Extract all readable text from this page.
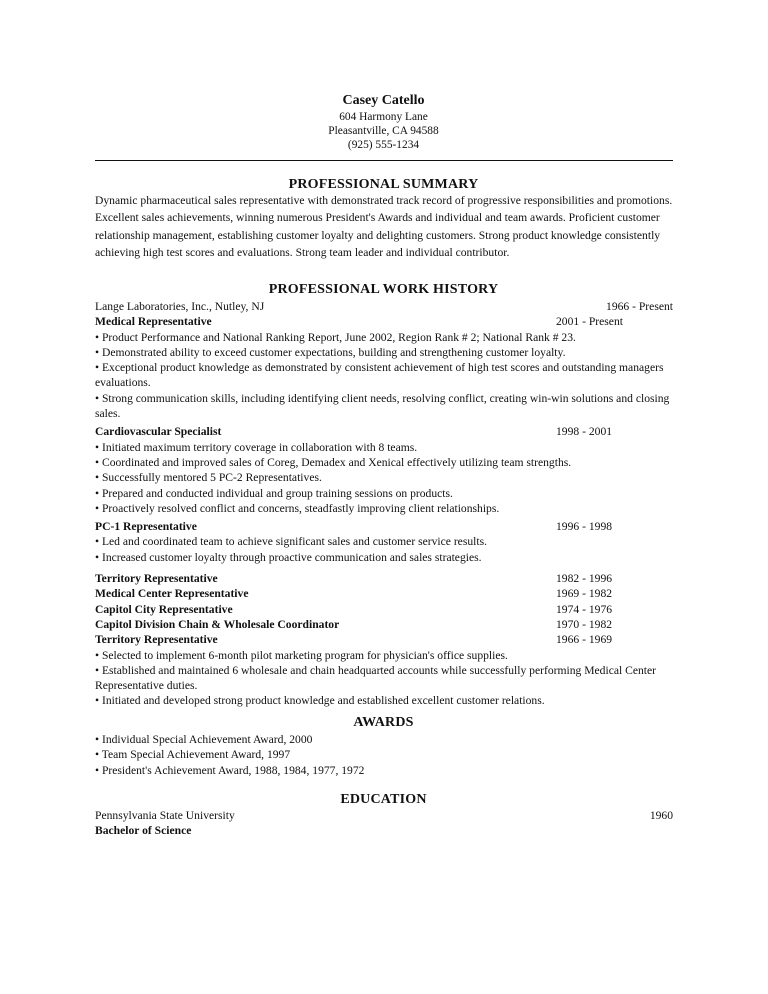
Casey Catello
604 Harmony Lane
Pleasantville, CA 94588
(925) 555-1234
PROFESSIONAL SUMMARY
Dynamic pharmaceutical sales representative with demonstrated track record of progressive responsibilities and promotions. Excellent sales achievements, winning numerous President's Awards and individual and team awards. Proficient customer relationship management, establishing customer loyalty and delighting customers. Strong product knowledge consistently achieving high test scores and evaluations. Strong team leader and individual contributor.
PROFESSIONAL WORK HISTORY
Lange Laboratories, Inc., Nutley, NJ	1966 - Present
Medical Representative	2001 - Present
• Product Performance and National Ranking Report, June 2002, Region Rank # 2; National Rank # 23.
• Demonstrated ability to exceed customer expectations, building and strengthening customer loyalty.
• Exceptional product knowledge as demonstrated by consistent achievement of high test scores and outstanding managers evaluations.
• Strong communication skills, including identifying client needs, resolving conflict, creating win-win solutions and closing sales.
Cardiovascular Specialist	1998 - 2001
• Initiated maximum territory coverage in collaboration with 8 teams.
• Coordinated and improved sales of Coreg, Demadex and Xenical effectively utilizing team strengths.
• Successfully mentored 5 PC-2 Representatives.
• Prepared and conducted individual and group training sessions on products.
• Proactively resolved conflict and concerns, steadfastly improving client relationships.
PC-1 Representative	1996 - 1998
• Led and coordinated team to achieve significant sales and customer service results.
• Increased customer loyalty through proactive communication and sales strategies.
Territory Representative	1982 - 1996
Medical Center Representative	1969 - 1982
Capitol City Representative	1974 - 1976
Capitol Division Chain & Wholesale Coordinator	1970 - 1982
Territory Representative	1966 - 1969
• Selected to implement 6-month pilot marketing program for physician's office supplies.
• Established and maintained 6 wholesale and chain headquarted accounts while successfully performing Medical Center Representative duties.
• Initiated and developed strong product knowledge and established excellent customer relations.
AWARDS
• Individual Special Achievement Award, 2000
• Team Special Achievement Award, 1997
• President's Achievement Award, 1988, 1984, 1977, 1972
EDUCATION
Pennsylvania State University	1960
Bachelor of Science
